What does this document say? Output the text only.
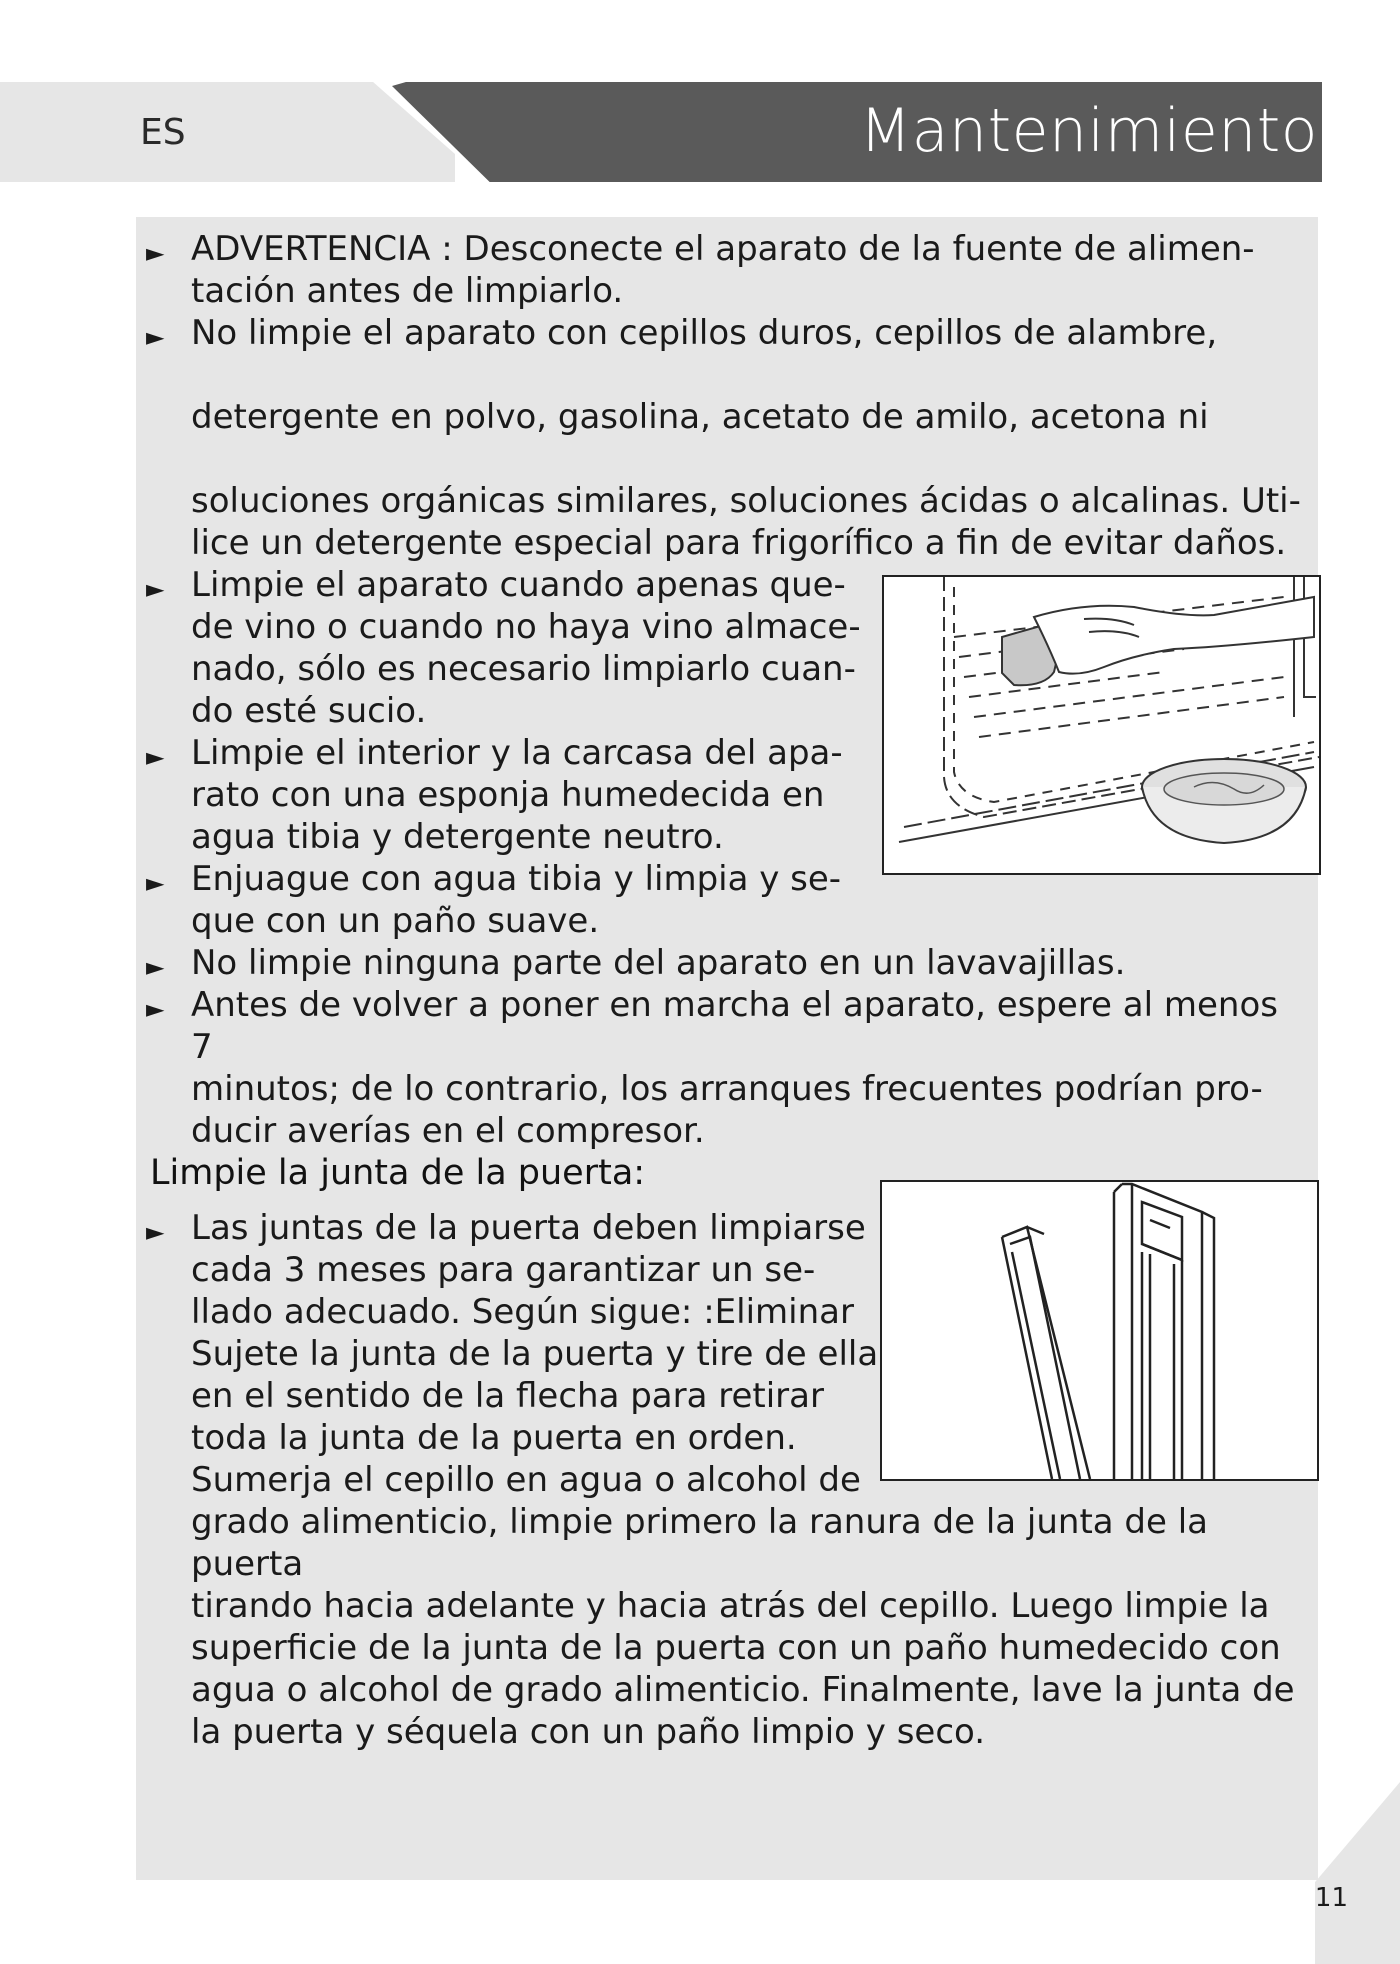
ES	Mantenimiento
► ADVERTENCIA : Desconecte el aparato de la fuente de alimen-
tación antes de limpiarlo.
► No limpie el aparato con cepillos duros, cepillos de alambre,
detergente en polvo, gasolina, acetato de amilo, acetona ni
soluciones orgánicas similares, soluciones ácidas o alcalinas. Uti-
lice un detergente especial para frigorífico a fin de evitar daños.
► Limpie el aparato cuando apenas que-
de vino o cuando no haya vino almace-
nado, sólo es necesario limpiarlo cuan-
do esté sucio.
► Limpie el interior y la carcasa del apa-
rato con una esponja humedecida en
agua tibia y detergente neutro.
► Enjuague con agua tibia y limpia y se-
que con un paño suave.
► No limpie ninguna parte del aparato en un lavavajillas.
► Antes de volver a poner en marcha el aparato, espere al menos 7
minutos; de lo contrario, los arranques frecuentes podrían pro-
ducir averías en el compresor.
Limpie la junta de la puerta:
► Las juntas de la puerta deben limpiarse
cada 3 meses para garantizar un se-
llado adecuado. Según sigue: :Eliminar
Sujete la junta de la puerta y tire de ella
en el sentido de la flecha para retirar
toda la junta de la puerta en orden.
Sumerja el cepillo en agua o alcohol de
grado alimenticio, limpie primero la ranura de la junta de la puerta
tirando hacia adelante y hacia atrás del cepillo. Luego limpie la
superficie de la junta de la puerta con un paño humedecido con
agua o alcohol de grado alimenticio. Finalmente, lave la junta de
la puerta y séquela con un paño limpio y seco.
11
